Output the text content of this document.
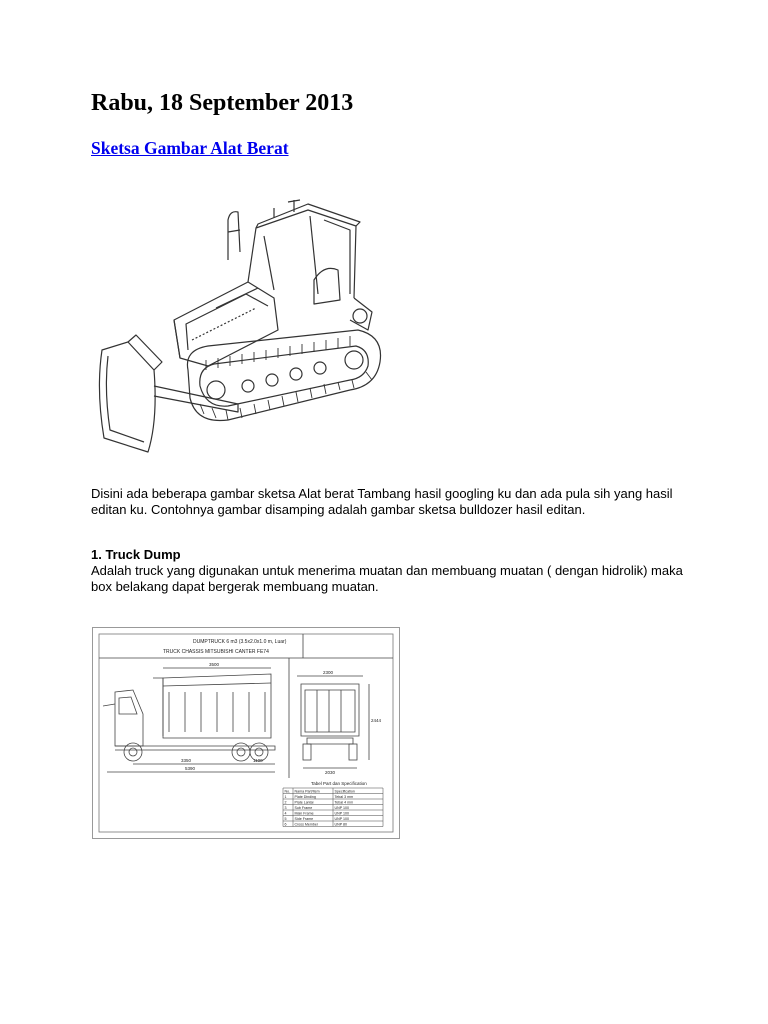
Rabu, 18 September 2013
Sketsa Gambar Alat Berat

Disini ada beberapa gambar sketsa Alat berat Tambang hasil googling ku dan ada pula sih yang hasil editan ku. Contohnya gambar disamping adalah gambar sketsa bulldozer hasil editan.

1. Truck Dump

Adalah truck yang digunakan untuk menerima muatan dan membuang muatan ( dengan hidrolik) maka box belakang dapat bergerak membuang muatan.

DUMPTRUCK 6 m3 (3.5x2.0x1.0 m, Luar)
TRUCK CHASSIS MITSUBISHI CANTER FE74
3500
3350	1100
5390
2300
2444
2030
Tabel Part dan Specification
No. Nama Part/Item	Specification
1 Plate Dinding	Tebal 3 mm
2 Plate Lantai	Tebal 4 mm
3 Sub Frame	UNP 100
4 Main Frame	UNP 100
5 Side Frame	UNP 100
6 Cross Member	UNP 80
